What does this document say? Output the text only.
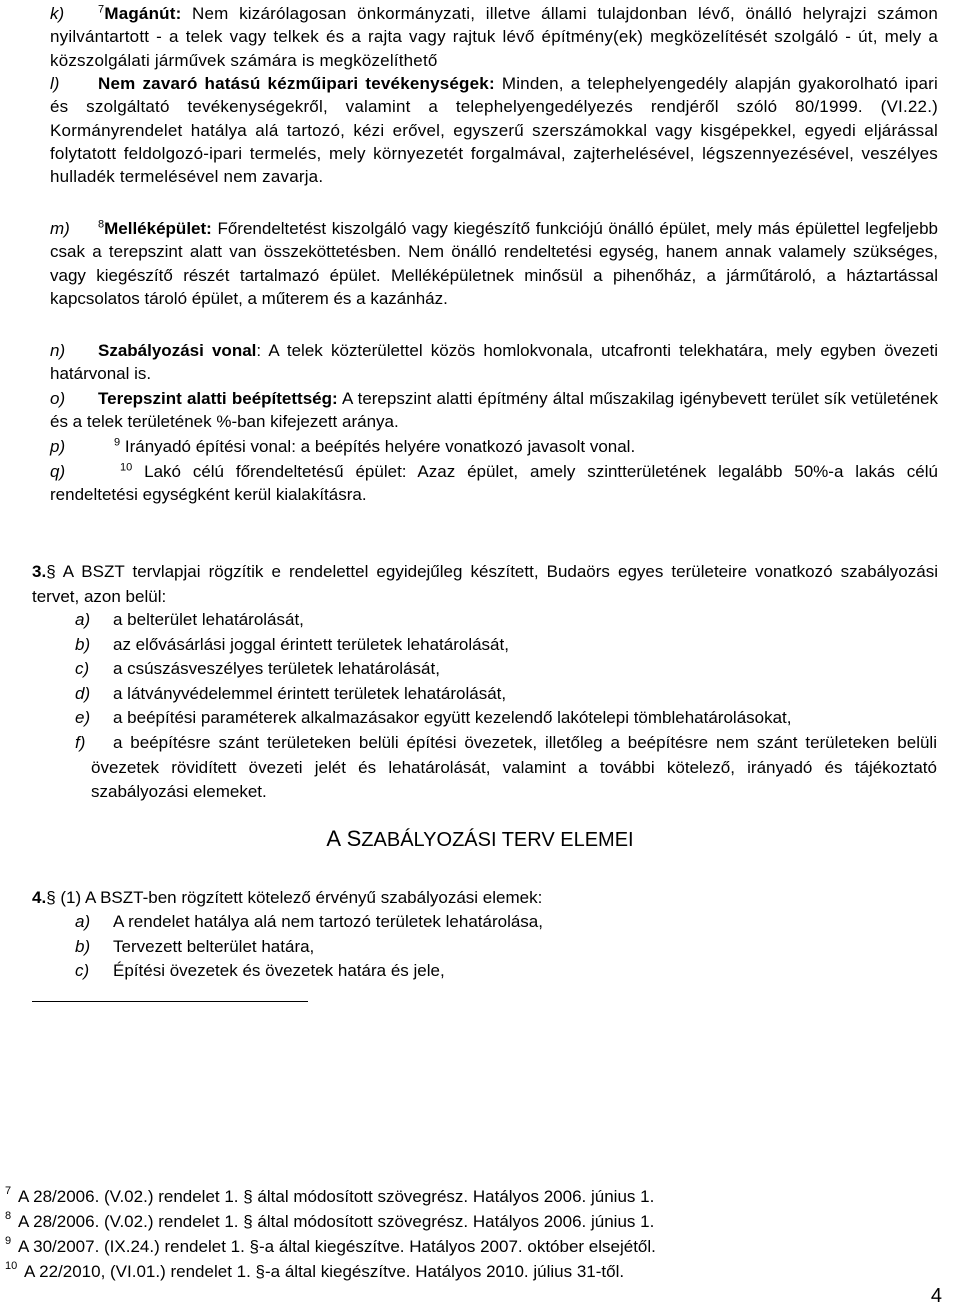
k)	$^7$Magánút: Nem kizárólagosan önkormányzati, illetve állami tulajdonban lévő, önálló helyrajzi számon nyilvántartott - a telek vagy telkek és a rajta vagy rajtuk lévő építmény(ek) megközelítését szolgáló - út, mely a közszolgálati járművek számára is megközelíthető
l)	Nem zavaró hatású kézműipari tevékenységek: Minden, a telephelyengedély alapján gyakorolható ipari és szolgáltató tevékenységekről, valamint a telephelyengedélyezés rendjéről szóló 80/1999. (VI.22.) Kormányrendelet hatálya alá tartozó, kézi erővel, egyszerű szerszámokkal vagy kisgépekkel, egyedi eljárással folytatott feldolgozó-ipari termelés, mely környezetét forgalmával, zajterhelésével, légszennyezésével, veszélyes hulladék termelésével nem zavarja.
m)	$^8$Melléképület: Főrendeltetést kiszolgáló vagy kiegészítő funkciójú önálló épület, mely más épülettel legfeljebb csak a terepszint alatt van összeköttetésben. Nem önálló rendeltetési egység, hanem annak valamely szükséges, vagy kiegészítő részét tartalmazó épület. Melléképületnek minősül a pihenőház, a járműtároló, a háztartással kapcsolatos tároló épület, a műterem és a kazánház.
n)	Szabályozási vonal: A telek közterülettel közös homlokvonala, utcafronti telekhatára, mely egyben övezeti határvonal is.
o)	Terepszint alatti beépítettség: A terepszint alatti építmény által műszakilag igénybevett terület sík vetületének és a telek területének %-ban kifejezett aránya.
p)	$^9$ Irányadó építési vonal: a beépítés helyére vonatkozó javasolt vonal.
q)	$^{10}$ Lakó célú főrendeltetésű épület: Azaz épület, amely szintterületének legalább 50%-a lakás célú rendeltetési egységként kerül kialakításra.
3.§ A BSZT tervlapjai rögzítik e rendelettel egyidejűleg készített, Budaörs egyes területeire vonatkozó szabályozási tervet, azon belül:
a) a belterület lehatárolását,
b) az elővásárlási joggal érintett területek lehatárolását,
c) a csúszásveszélyes területek lehatárolását,
d) a látványvédelemmel érintett területek lehatárolását,
e) a beépítési paraméterek alkalmazásakor együtt kezelendő lakótelepi tömblehatárolásokat,
f)	a beépítésre szánt területeken belüli építési övezetek, illetőleg a beépítésre nem szánt területeken belüli övezetek rövidített övezeti jelét és lehatárolását, valamint a további kötelező, irányadó és tájékoztató szabályozási elemeket.
A SZABÁLYOZÁSI TERV ELEMEI
4.§ (1) A BSZT-ben rögzített kötelező érvényű szabályozási elemek:
a) A rendelet hatálya alá nem tartozó területek lehatárolása,
b) Tervezett belterület határa,
c) Építési övezetek és övezetek határa és jele,
7 A 28/2006. (V.02.) rendelet 1. § által módosított szövegrész. Hatályos 2006. június 1.
8 A 28/2006. (V.02.) rendelet 1. § által módosított szövegrész. Hatályos 2006. június 1.
9 A 30/2007. (IX.24.) rendelet 1. §-a által kiegészítve. Hatályos 2007. október elsejétől.
10 A 22/2010, (VI.01.) rendelet 1. §-a által kiegészítve. Hatályos 2010. július 31-től.
4
